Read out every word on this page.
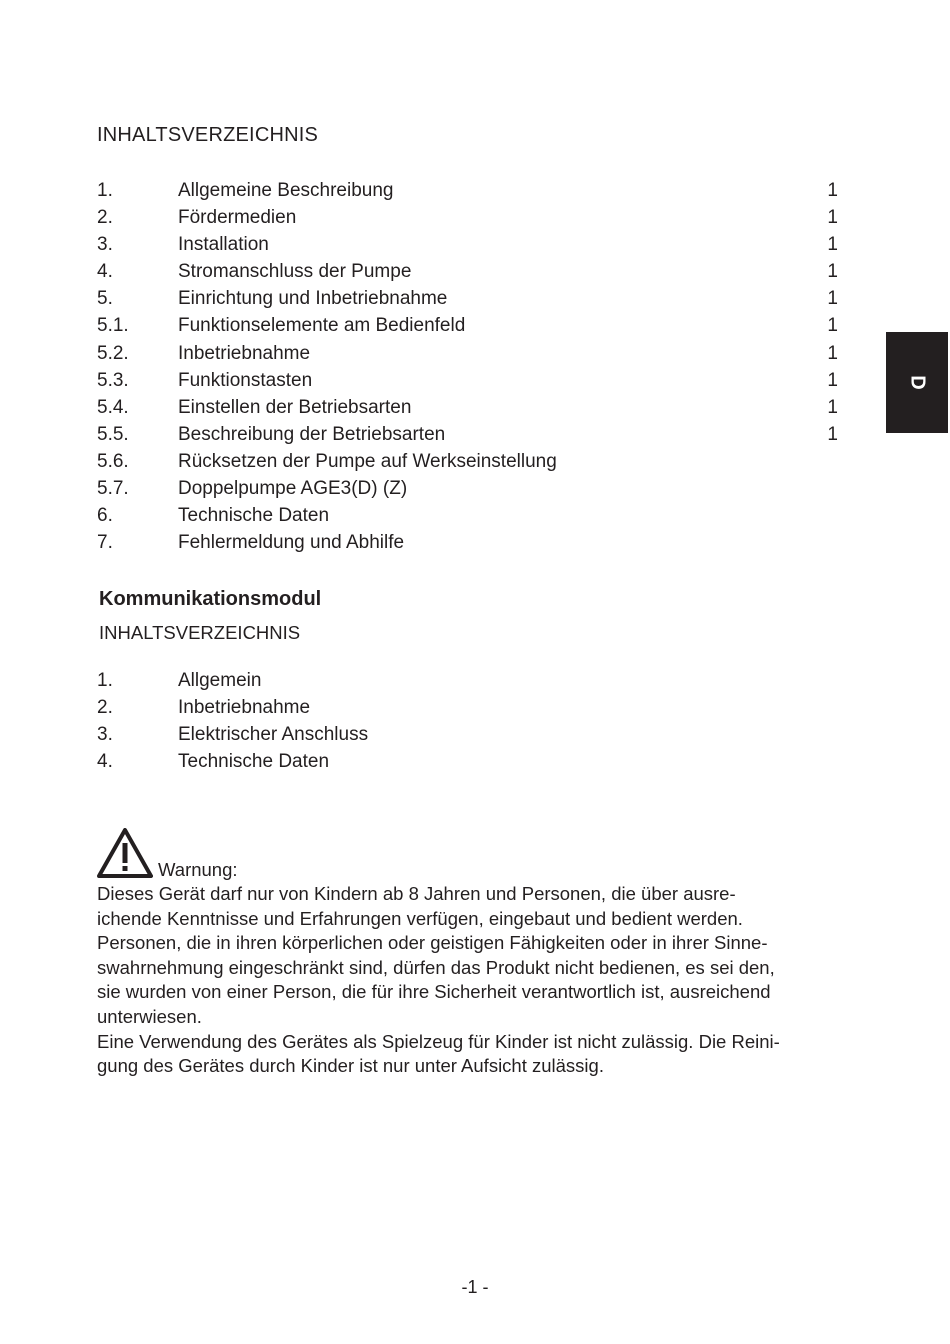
INHALTSVERZEICHNIS
1.	Allgemeine Beschreibung	1
2.	Fördermedien	1
3.	Installation	1
4.	Stromanschluss der Pumpe	1
5.	Einrichtung und Inbetriebnahme	1
5.1.	Funktionselemente am Bedienfeld	1
5.2.	Inbetriebnahme	1
5.3.	Funktionstasten	1
5.4.	Einstellen der Betriebsarten	1
5.5.	Beschreibung der Betriebsarten	1
5.6.	Rücksetzen der Pumpe auf Werkseinstellung
5.7.	Doppelpumpe AGE3(D) (Z)
6.	Technische Daten
7.	Fehlermeldung und Abhilfe
D
Kommunikationsmodul
INHALTSVERZEICHNIS
1.	Allgemein
2.	Inbetriebnahme
3.	Elektrischer Anschluss
4.	Technische Daten
Warnung:

Dieses Gerät darf nur von Kindern ab 8 Jahren und Personen, die über ausre-

ichende Kenntnisse und Erfahrungen verfügen, eingebaut und bedient werden.

Personen, die in ihren körperlichen oder geistigen Fähigkeiten oder in ihrer Sinne-

swahrnehmung eingeschränkt sind, dürfen das Produkt nicht bedienen, es sei den,

sie wurden von einer Person, die für ihre Sicherheit verantwortlich ist, ausreichend

unterwiesen.

Eine Verwendung des Gerätes als Spielzeug für Kinder ist nicht zulässig. Die Reini-

gung des Gerätes durch Kinder ist nur unter Aufsicht zulässig.

-1 -
